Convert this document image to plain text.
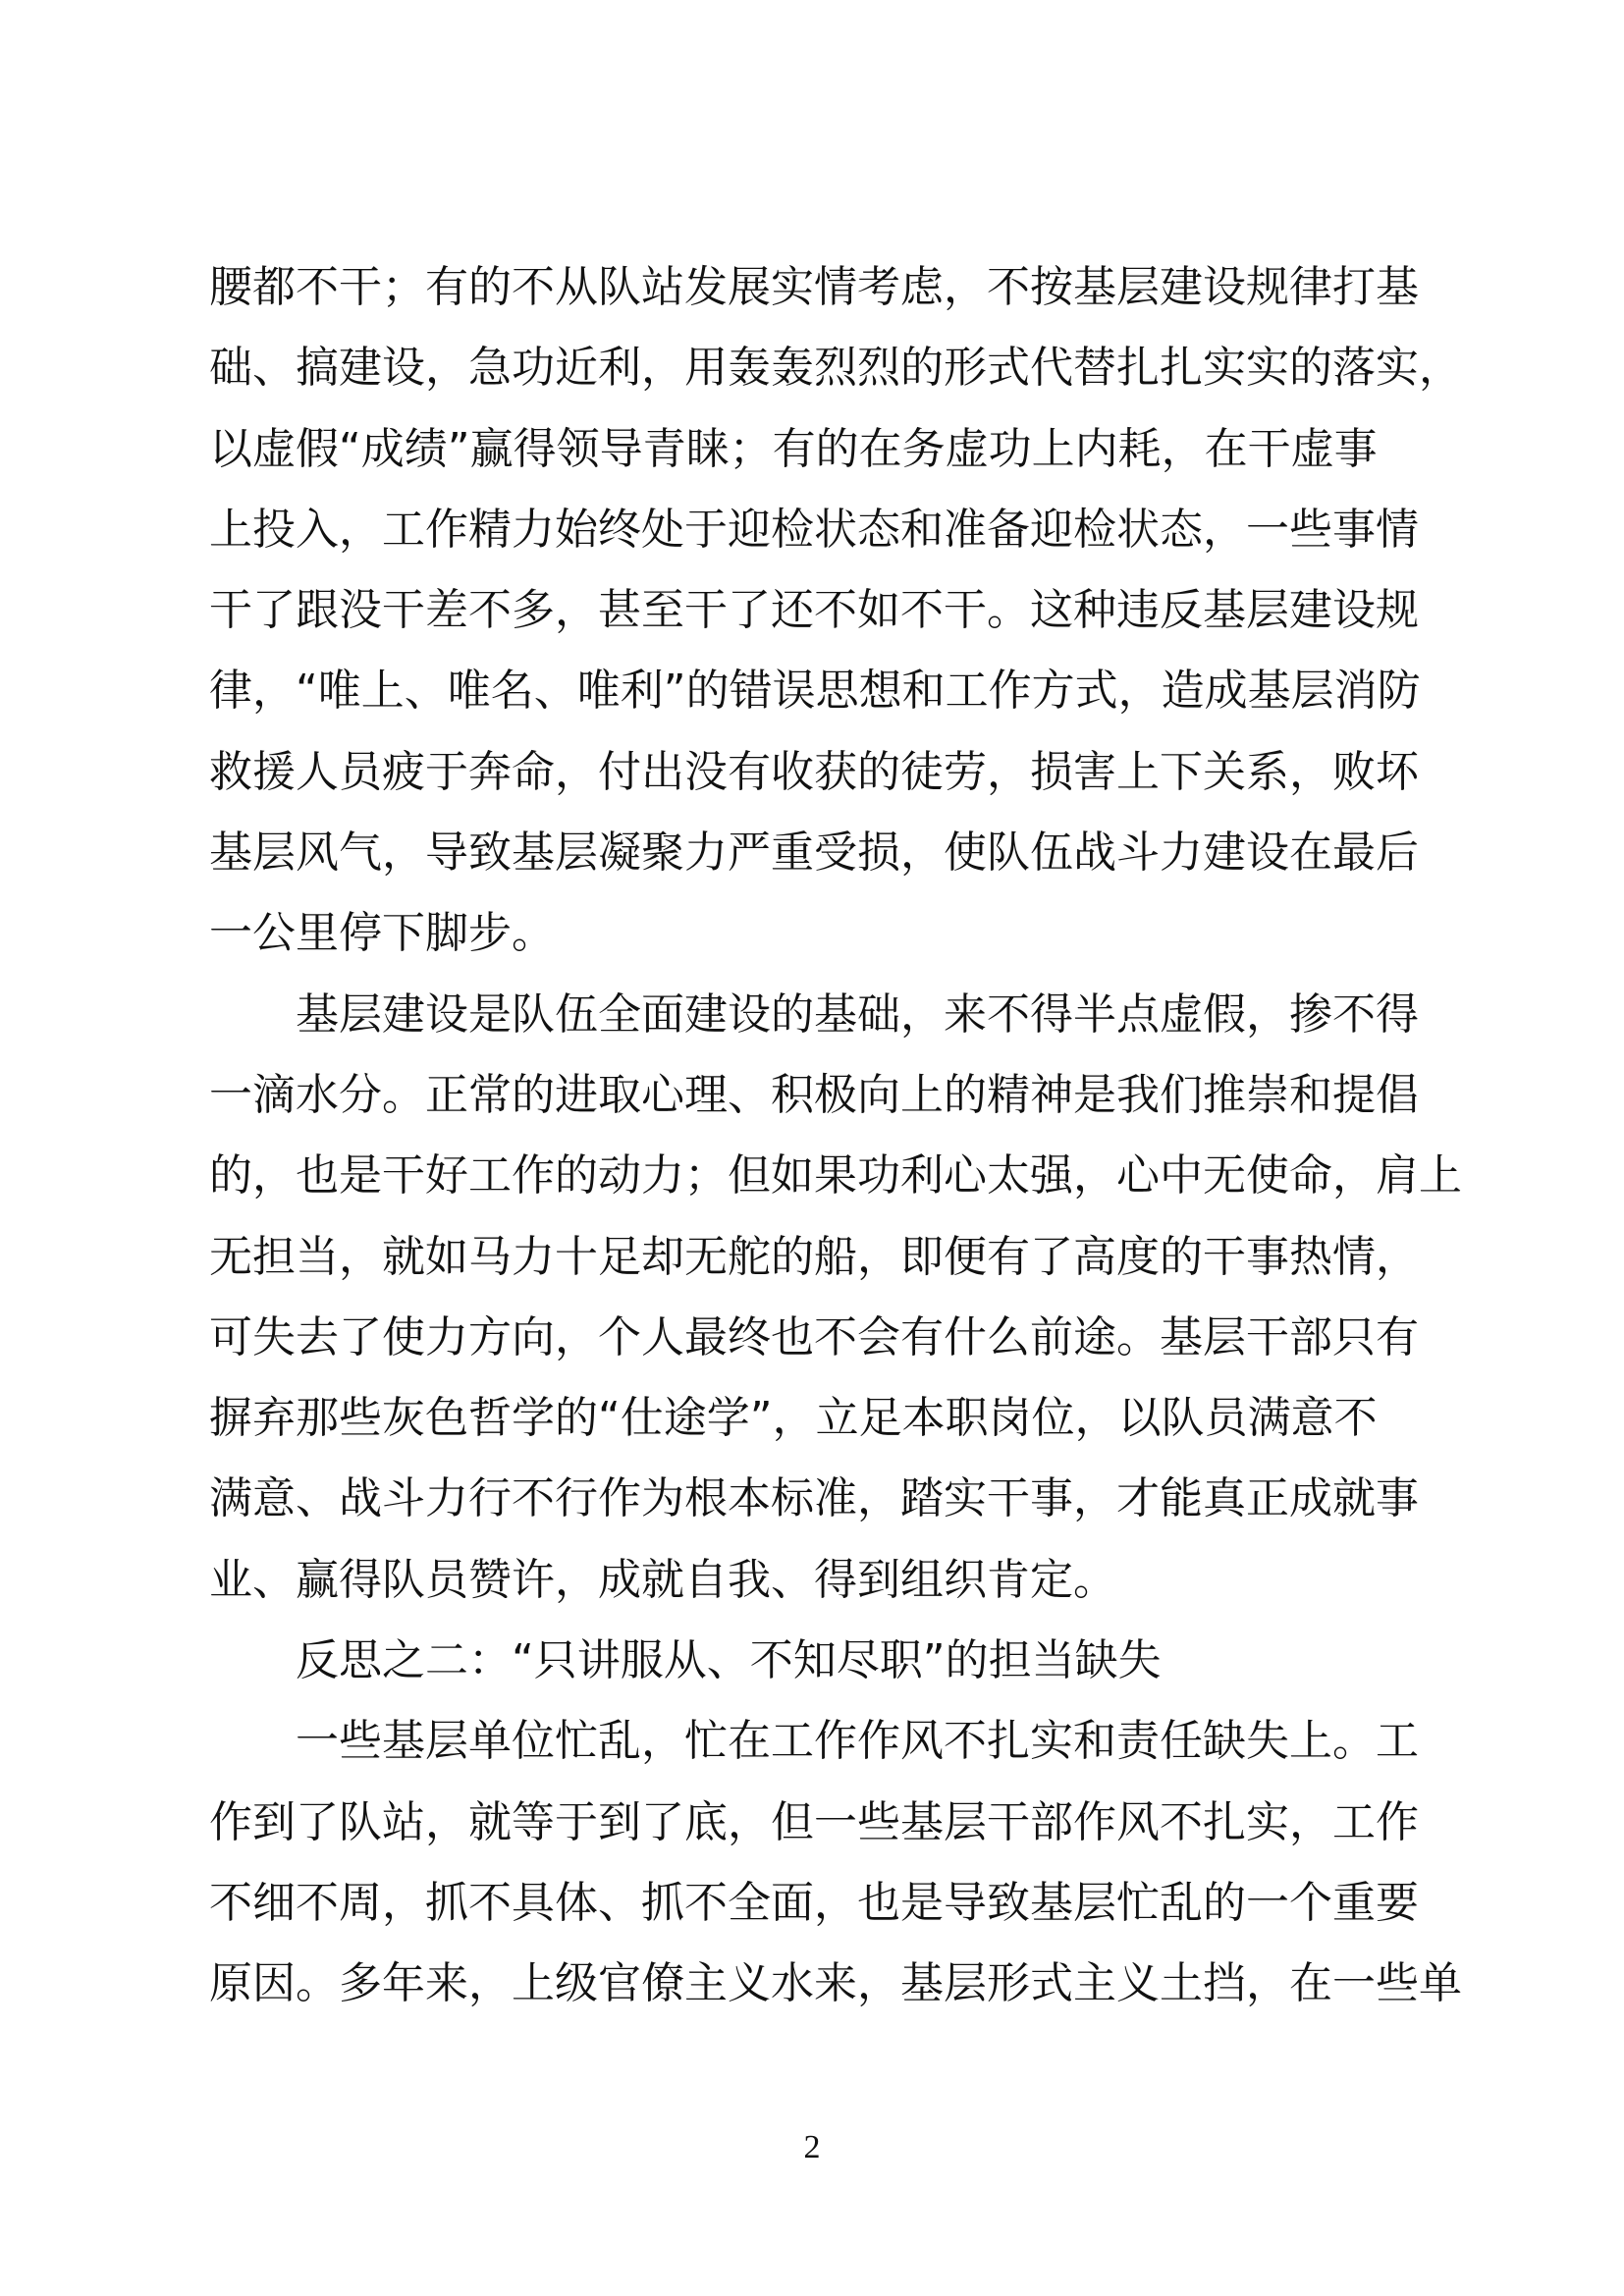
腰都不干；有的不从队站发展实情考虑，不按基层建设规律打基
础、搞建设，急功近利，用轰轰烈烈的形式代替扎扎实实的落实，
以虚假“成绩”赢得领导青睐；有的在务虚功上内耗，在干虚事
上投入，工作精力始终处于迎检状态和准备迎检状态，一些事情
干了跟没干差不多，甚至干了还不如不干。这种违反基层建设规
律，“唯上、唯名、唯利”的错误思想和工作方式，造成基层消防
救援人员疲于奔命，付出没有收获的徒劳，损害上下关系，败坏
基层风气，导致基层凝聚力严重受损，使队伍战斗力建设在最后
一公里停下脚步。
　　基层建设是队伍全面建设的基础，来不得半点虚假，掺不得
一滴水分。正常的进取心理、积极向上的精神是我们推崇和提倡
的，也是干好工作的动力；但如果功利心太强，心中无使命，肩上
无担当，就如马力十足却无舵的船，即便有了高度的干事热情，
可失去了使力方向，个人最终也不会有什么前途。基层干部只有
摒弃那些灰色哲学的“仕途学”，立足本职岗位，以队员满意不
满意、战斗力行不行作为根本标准，踏实干事，才能真正成就事
业、赢得队员赞许，成就自我、得到组织肯定。
　　反思之二：“只讲服从、不知尽职”的担当缺失
　　一些基层单位忙乱，忙在工作作风不扎实和责任缺失上。工
作到了队站，就等于到了底，但一些基层干部作风不扎实，工作
不细不周，抓不具体、抓不全面，也是导致基层忙乱的一个重要
原因。多年来，上级官僚主义水来，基层形式主义土挡，在一些单
2
